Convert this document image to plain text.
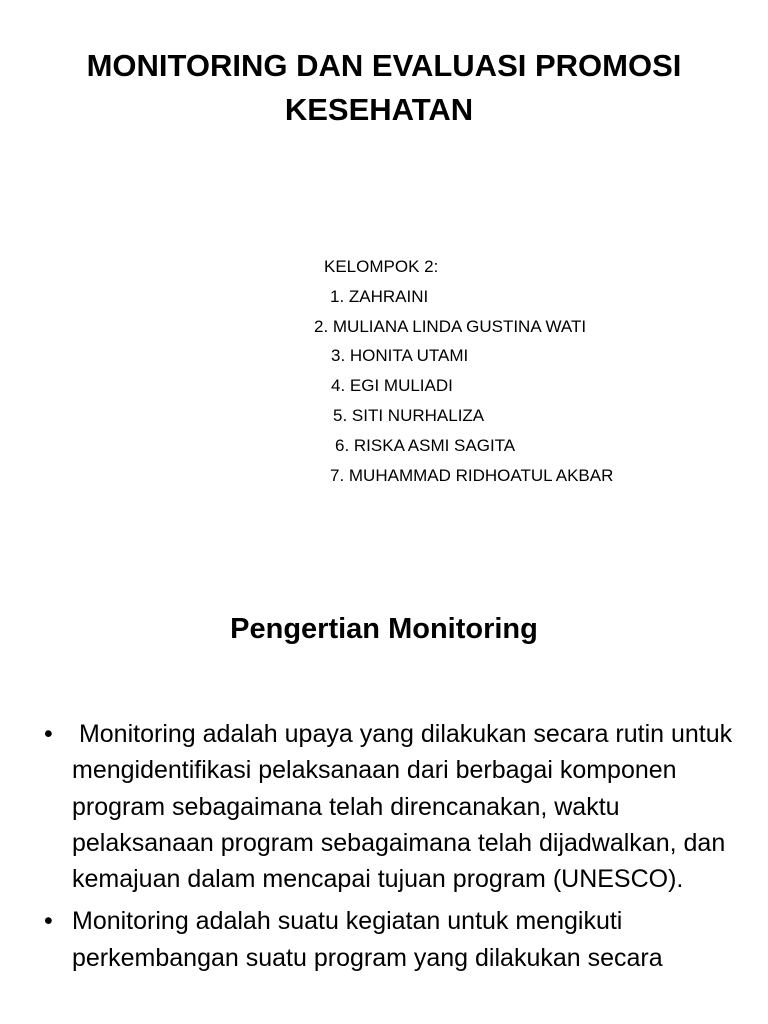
MONITORING DAN EVALUASI PROMOSI
KESEHATAN
KELOMPOK 2:
1. ZAHRAINI
2. MULIANA LINDA GUSTINA WATI
3. HONITA UTAMI
4. EGI MULIADI
5. SITI NURHALIZA
6. RISKA ASMI SAGITA
7. MUHAMMAD RIDHOATUL AKBAR
Pengertian Monitoring
• Monitoring adalah upaya yang dilakukan secara rutin untuk mengidentifikasi pelaksanaan dari berbagai komponen program sebagaimana telah direncanakan, waktu pelaksanaan program sebagaimana telah dijadwalkan, dan kemajuan dalam mencapai tujuan program (UNESCO).
• Monitoring adalah suatu kegiatan untuk mengikuti perkembangan suatu program yang dilakukan secara
